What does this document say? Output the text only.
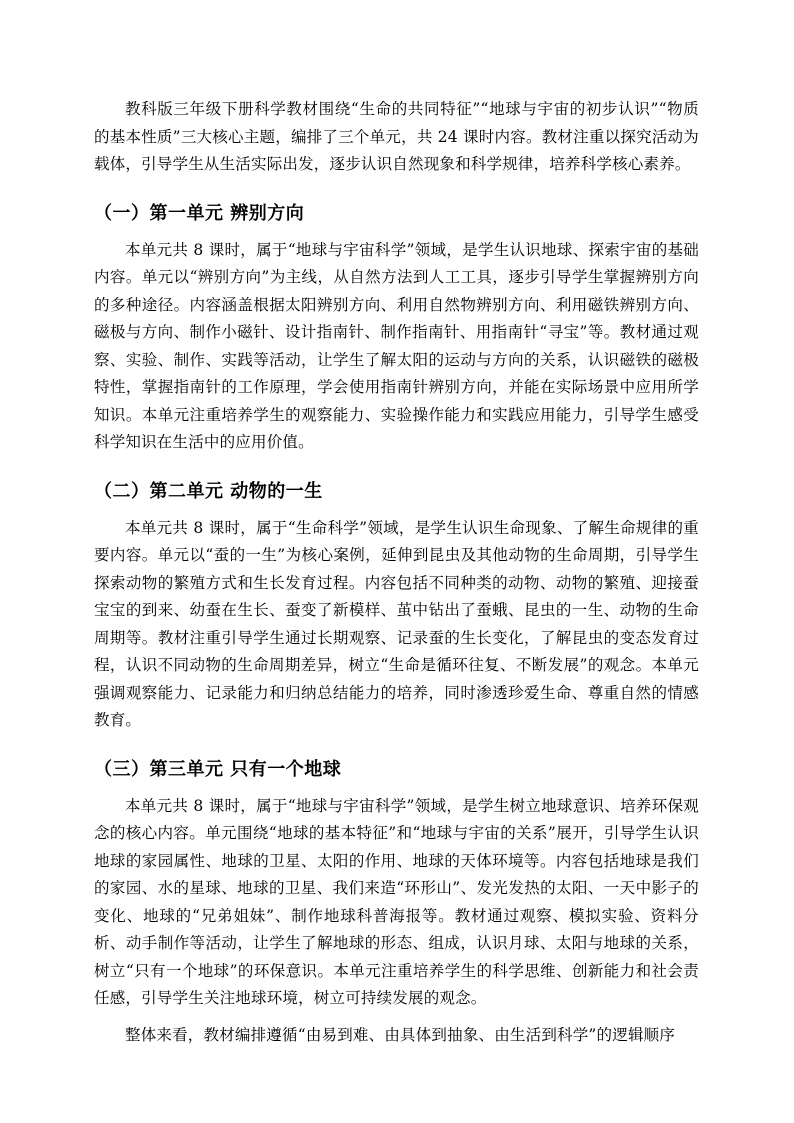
教科版三年级下册科学教材围绕“生命的共同特征”“地球与宇宙的初步认识”“物质的基本性质”三大核心主题，编排了三个单元，共 24 课时内容。教材注重以探究活动为载体，引导学生从生活实际出发，逐步认识自然现象和科学规律，培养科学核心素养。

（一）第一单元 辨别方向

本单元共 8 课时，属于“地球与宇宙科学”领域，是学生认识地球、探索宇宙的基础内容。单元以“辨别方向”为主线，从自然方法到人工工具，逐步引导学生掌握辨别方向的多种途径。内容涵盖根据太阳辨别方向、利用自然物辨别方向、利用磁铁辨别方向、磁极与方向、制作小磁针、设计指南针、制作指南针、用指南针“寻宝”等。教材通过观察、实验、制作、实践等活动，让学生了解太阳的运动与方向的关系，认识磁铁的磁极特性，掌握指南针的工作原理，学会使用指南针辨别方向，并能在实际场景中应用所学知识。本单元注重培养学生的观察能力、实验操作能力和实践应用能力，引导学生感受科学知识在生活中的应用价值。

（二）第二单元 动物的一生

本单元共 8 课时，属于“生命科学”领域，是学生认识生命现象、了解生命规律的重要内容。单元以“蚕的一生”为核心案例，延伸到昆虫及其他动物的生命周期，引导学生探索动物的繁殖方式和生长发育过程。内容包括不同种类的动物、动物的繁殖、迎接蚕宝宝的到来、幼蚕在生长、蚕变了新模样、茧中钻出了蚕蛾、昆虫的一生、动物的生命周期等。教材注重引导学生通过长期观察、记录蚕的生长变化，了解昆虫的变态发育过程，认识不同动物的生命周期差异，树立“生命是循环往复、不断发展”的观念。本单元强调观察能力、记录能力和归纳总结能力的培养，同时渗透珍爱生命、尊重自然的情感教育。

（三）第三单元 只有一个地球

本单元共 8 课时，属于“地球与宇宙科学”领域，是学生树立地球意识、培养环保观念的核心内容。单元围绕“地球的基本特征”和“地球与宇宙的关系”展开，引导学生认识地球的家园属性、地球的卫星、太阳的作用、地球的天体环境等。内容包括地球是我们的家园、水的星球、地球的卫星、我们来造“环形山”、发光发热的太阳、一天中影子的变化、地球的“兄弟姐妹”、制作地球科普海报等。教材通过观察、模拟实验、资料分析、动手制作等活动，让学生了解地球的形态、组成，认识月球、太阳与地球的关系，树立“只有一个地球”的环保意识。本单元注重培养学生的科学思维、创新能力和社会责任感，引导学生关注地球环境，树立可持续发展的观念。

整体来看，教材编排遵循“由易到难、由具体到抽象、由生活到科学”的逻辑顺序
